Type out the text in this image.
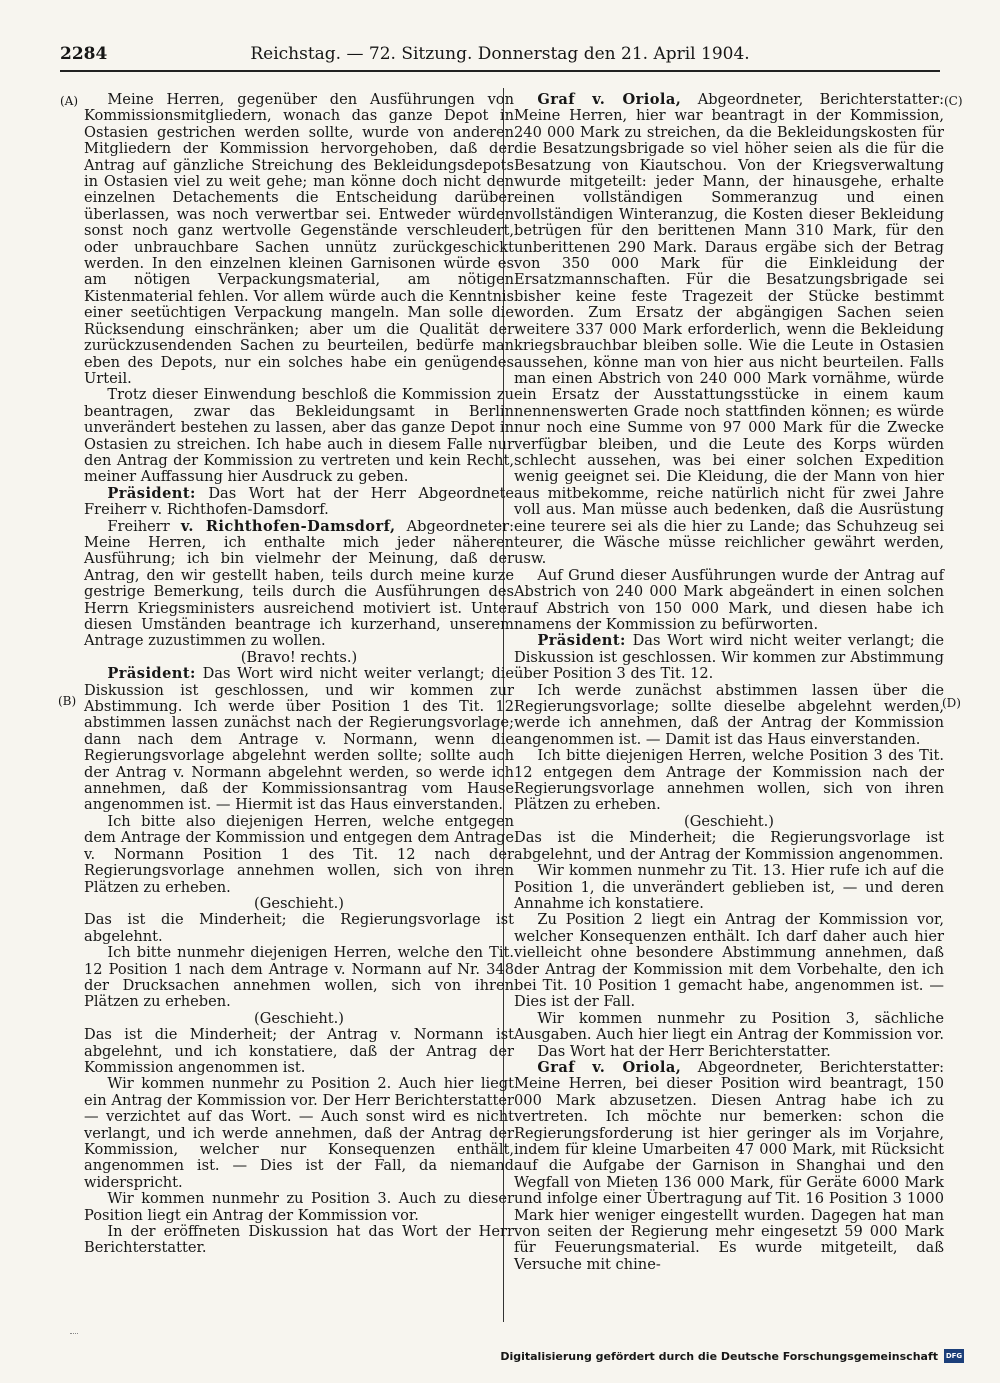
2284	Reichstag. — 72. Sitzung. Donnerstag den 21. April 1904.
(A)
(B)
(C)
(D)

Meine Herren, gegenüber den Ausführungen von Kommissionsmitgliedern, wonach das ganze Depot in Ostasien gestrichen werden sollte, wurde von anderen Mitgliedern der Kommission hervorgehoben, daß der Antrag auf gänzliche Streichung des Bekleidungsdepots in Ostasien viel zu weit gehe; man könne doch nicht den einzelnen Detachements die Entscheidung darüber überlassen, was noch verwertbar sei. Entweder würden sonst noch ganz wertvolle Gegenstände verschleudert, oder unbrauchbare Sachen unnütz zurückgeschickt werden. In den einzelnen kleinen Garnisonen würde es am nötigen Verpackungsmaterial, am nötigen Kistenmaterial fehlen. Vor allem würde auch die Kenntnis einer seetüchtigen Verpackung mangeln. Man solle die Rücksendung einschränken; aber um die Qualität der zurückzusendenden Sachen zu beurteilen, bedürfe man eben des Depots, nur ein solches habe ein genügendes Urteil.

Trotz dieser Einwendung beschloß die Kommission zu beantragen, zwar das Bekleidungsamt in Berlin unverändert bestehen zu lassen, aber das ganze Depot in Ostasien zu streichen. Ich habe auch in diesem Falle nur den Antrag der Kommission zu vertreten und kein Recht, meiner Auffassung hier Ausdruck zu geben.

Präsident: Das Wort hat der Herr Abgeordnete Freiherr v. Richthofen-Damsdorf.

Freiherr v. Richthofen-Damsdorf, Abgeordneter: Meine Herren, ich enthalte mich jeder näheren Ausführung; ich bin vielmehr der Meinung, daß der Antrag, den wir gestellt haben, teils durch meine kurze gestrige Bemerkung, teils durch die Ausführungen des Herrn Kriegsministers ausreichend motiviert ist. Unter diesen Umständen beantrage ich kurzerhand, unserem Antrage zuzustimmen zu wollen.

(Bravo! rechts.)

Präsident: Das Wort wird nicht weiter verlangt; die Diskussion ist geschlossen, und wir kommen zur Abstimmung. Ich werde über Position 1 des Tit. 12 abstimmen lassen zunächst nach der Regierungsvorlage; dann nach dem Antrage v. Normann, wenn die Regierungsvorlage abgelehnt werden sollte; sollte auch der Antrag v. Normann abgelehnt werden, so werde ich annehmen, daß der Kommissionsantrag vom Hause angenommen ist. — Hiermit ist das Haus einverstanden.

Ich bitte also diejenigen Herren, welche entgegen dem Antrage der Kommission und entgegen dem Antrage v. Normann Position 1 des Tit. 12 nach der Regierungsvorlage annehmen wollen, sich von ihren Plätzen zu erheben.

(Geschieht.)

Das ist die Minderheit; die Regierungsvorlage ist abgelehnt.

Ich bitte nunmehr diejenigen Herren, welche den Tit. 12 Position 1 nach dem Antrage v. Normann auf Nr. 348 der Drucksachen annehmen wollen, sich von ihren Plätzen zu erheben.

(Geschieht.)

Das ist die Minderheit; der Antrag v. Normann ist abgelehnt, und ich konstatiere, daß der Antrag der Kommission angenommen ist.

Wir kommen nunmehr zu Position 2. Auch hier liegt ein Antrag der Kommission vor. Der Herr Berichterstatter — verzichtet auf das Wort. — Auch sonst wird es nicht verlangt, und ich werde annehmen, daß der Antrag der Kommission, welcher nur Konsequenzen enthält, angenommen ist. — Dies ist der Fall, da niemand widerspricht.

Wir kommen nunmehr zu Position 3. Auch zu dieser Position liegt ein Antrag der Kommission vor.

In der eröffneten Diskussion hat das Wort der Herr Berichterstatter.

Graf v. Oriola, Abgeordneter, Berichterstatter: Meine Herren, hier war beantragt in der Kommission, 240 000 Mark zu streichen, da die Bekleidungskosten für die Besatzungsbrigade so viel höher seien als die für die Besatzung von Kiautschou. Von der Kriegsverwaltung wurde mitgeteilt: jeder Mann, der hinausgehe, erhalte einen vollständigen Sommeranzug und einen vollständigen Winteranzug, die Kosten dieser Bekleidung betrügen für den berittenen Mann 310 Mark, für den unberittenen 290 Mark. Daraus ergäbe sich der Betrag von 350 000 Mark für die Einkleidung der Ersatzmannschaften. Für die Besatzungsbrigade sei bisher keine feste Tragezeit der Stücke bestimmt worden. Zum Ersatz der abgängigen Sachen seien weitere 337 000 Mark erforderlich, wenn die Bekleidung kriegsbrauchbar bleiben solle. Wie die Leute in Ostasien aussehen, könne man von hier aus nicht beurteilen. Falls man einen Abstrich von 240 000 Mark vornähme, würde ein Ersatz der Ausstattungsstücke in einem kaum nennenswerten Grade noch stattfinden können; es würde nur noch eine Summe von 97 000 Mark für die Zwecke verfügbar bleiben, und die Leute des Korps würden schlecht aussehen, was bei einer solchen Expedition wenig geeignet sei. Die Kleidung, die der Mann von hier aus mitbekomme, reiche natürlich nicht für zwei Jahre voll aus. Man müsse auch bedenken, daß die Ausrüstung eine teurere sei als die hier zu Lande; das Schuhzeug sei teurer, die Wäsche müsse reichlicher gewährt werden, usw.

Auf Grund dieser Ausführungen wurde der Antrag auf Abstrich von 240 000 Mark abgeändert in einen solchen auf Abstrich von 150 000 Mark, und diesen habe ich namens der Kommission zu befürworten.

Präsident: Das Wort wird nicht weiter verlangt; die Diskussion ist geschlossen. Wir kommen zur Abstimmung über Position 3 des Tit. 12.

Ich werde zunächst abstimmen lassen über die Regierungsvorlage; sollte dieselbe abgelehnt werden, werde ich annehmen, daß der Antrag der Kommission angenommen ist. — Damit ist das Haus einverstanden.

Ich bitte diejenigen Herren, welche Position 3 des Tit. 12 entgegen dem Antrage der Kommission nach der Regierungsvorlage annehmen wollen, sich von ihren Plätzen zu erheben.

(Geschieht.)

Das ist die Minderheit; die Regierungsvorlage ist abgelehnt, und der Antrag der Kommission angenommen.

Wir kommen nunmehr zu Tit. 13. Hier rufe ich auf die Position 1, die unverändert geblieben ist, — und deren Annahme ich konstatiere.

Zu Position 2 liegt ein Antrag der Kommission vor, welcher Konsequenzen enthält. Ich darf daher auch hier vielleicht ohne besondere Abstimmung annehmen, daß der Antrag der Kommission mit dem Vorbehalte, den ich bei Tit. 10 Position 1 gemacht habe, angenommen ist. — Dies ist der Fall.

Wir kommen nunmehr zu Position 3, sächliche Ausgaben. Auch hier liegt ein Antrag der Kommission vor.

Das Wort hat der Herr Berichterstatter.

Graf v. Oriola, Abgeordneter, Berichterstatter: Meine Herren, bei dieser Position wird beantragt, 150 000 Mark abzusetzen. Diesen Antrag habe ich zu vertreten. Ich möchte nur bemerken: schon die Regierungsforderung ist hier geringer als im Vorjahre, indem für kleine Umarbeiten 47 000 Mark, mit Rücksicht auf die Aufgabe der Garnison in Shanghai und den Wegfall von Mieten 136 000 Mark, für Geräte 6000 Mark und infolge einer Übertragung auf Tit. 16 Position 3 1000 Mark hier weniger eingestellt wurden. Dagegen hat man von seiten der Regierung mehr eingesetzt 59 000 Mark für Feuerungsmaterial. Es wurde mitgeteilt, daß Versuche mit chine-

Digitalisierung gefördert durch die Deutsche Forschungsgemeinschaft DFG
